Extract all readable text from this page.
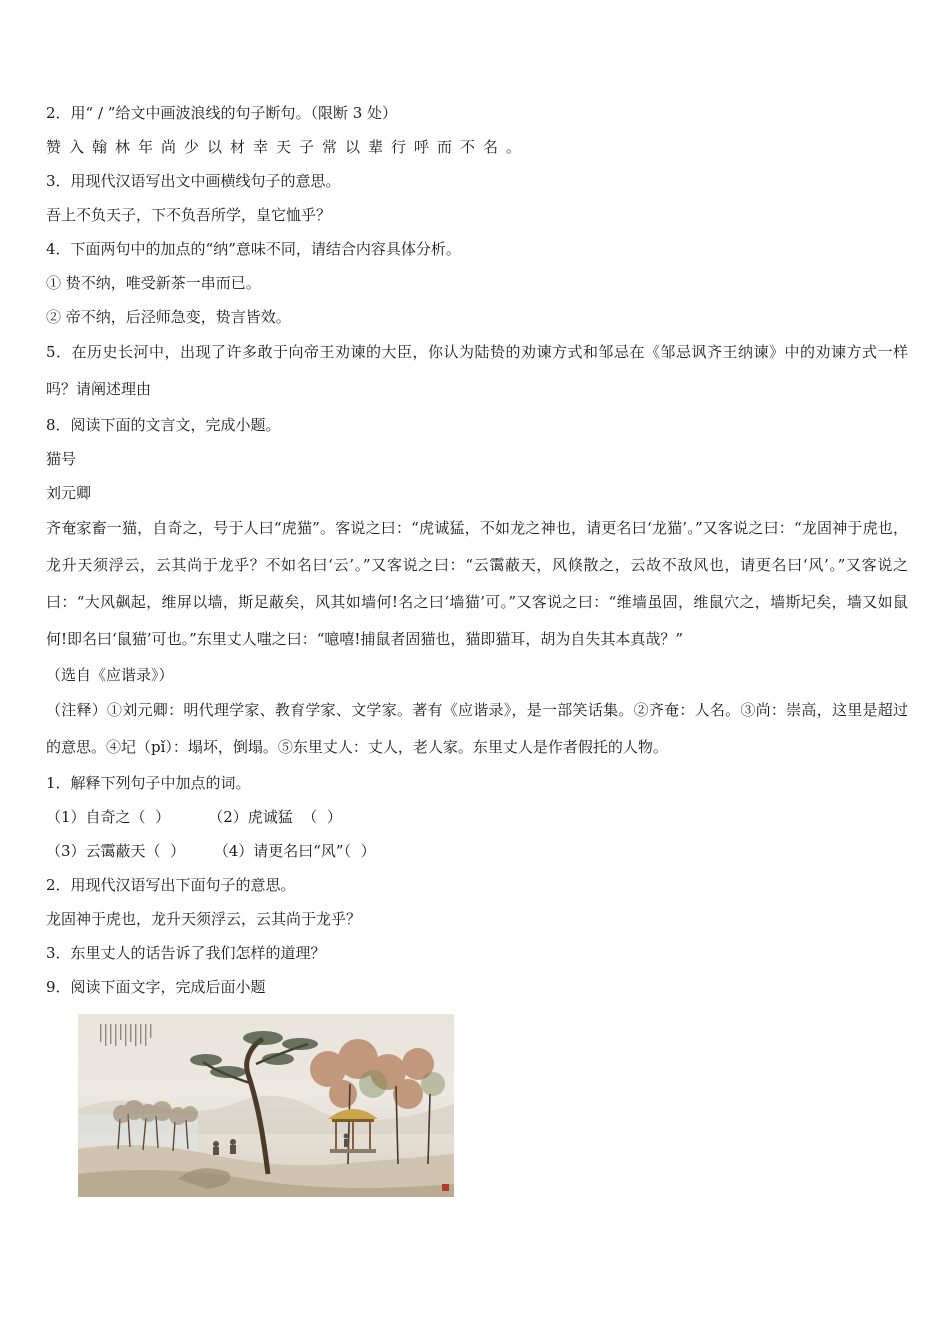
2．用“ / ”给文中画波浪线的句子断句。（限断 3 处）
赞入翰林年尚少以材幸天子常以辈行呼而不名。
3．用现代汉语写出文中画横线句子的意思。
吾上不负天子，下不负吾所学，皇它恤乎？
4．下面两句中的加点的“纳”意味不同，请结合内容具体分析。
① 贽不纳，唯受新茶一串而已。
② 帝不纳，后泾师急变，贽言皆效。
5．在历史长河中，出现了许多敢于向帝王劝谏的大臣，你认为陆贽的劝谏方式和邹忌在《邹忌讽齐王纳谏》中的劝谏方式一样吗？请阐述理由
8．阅读下面的文言文，完成小题。
猫号
刘元卿
齐奄家畜一猫，自奇之，号于人曰“虎猫”。客说之曰：“虎诚猛，不如龙之神也，请更名曰‘龙猫’。”又客说之曰：“龙固神于虎也，龙升天须浮云，云其尚于龙乎？不如名曰‘云’。”又客说之曰：“云霭蔽天，风倏散之，云故不敌风也，请更名曰‘风’。”又客说之曰：“大风飙起，维屏以墙，斯足蔽矣，风其如墙何!名之曰‘墙猫’可。”又客说之曰：“维墙虽固，维鼠穴之，墙斯圮矣，墙又如鼠何!即名曰‘鼠猫’可也。”东里丈人嗤之曰：“噫嘻!捕鼠者固猫也，猫即猫耳，胡为自失其本真哉？”
（选自《应谐录》）
（注释）①刘元卿：明代理学家、教育学家、文学家。著有《应谐录》，是一部笑话集。②齐奄：人名。③尚：崇高，这里是超过的意思。④圮（pǐ）：塌坏，倒塌。⑤东里丈人：丈人，老人家。东里丈人是作者假托的人物。
1．解释下列句子中加点的词。
（1）自奇之（  ）        （2）虎诚猛  （  ）
（3）云霭蔽天（  ）      （4）请更名曰“风”（  ）
2．用现代汉语写出下面句子的意思。
龙固神于虎也，龙升天须浮云，云其尚于龙乎？
3．东里丈人的话告诉了我们怎样的道理？
9．阅读下面文字，完成后面小题
